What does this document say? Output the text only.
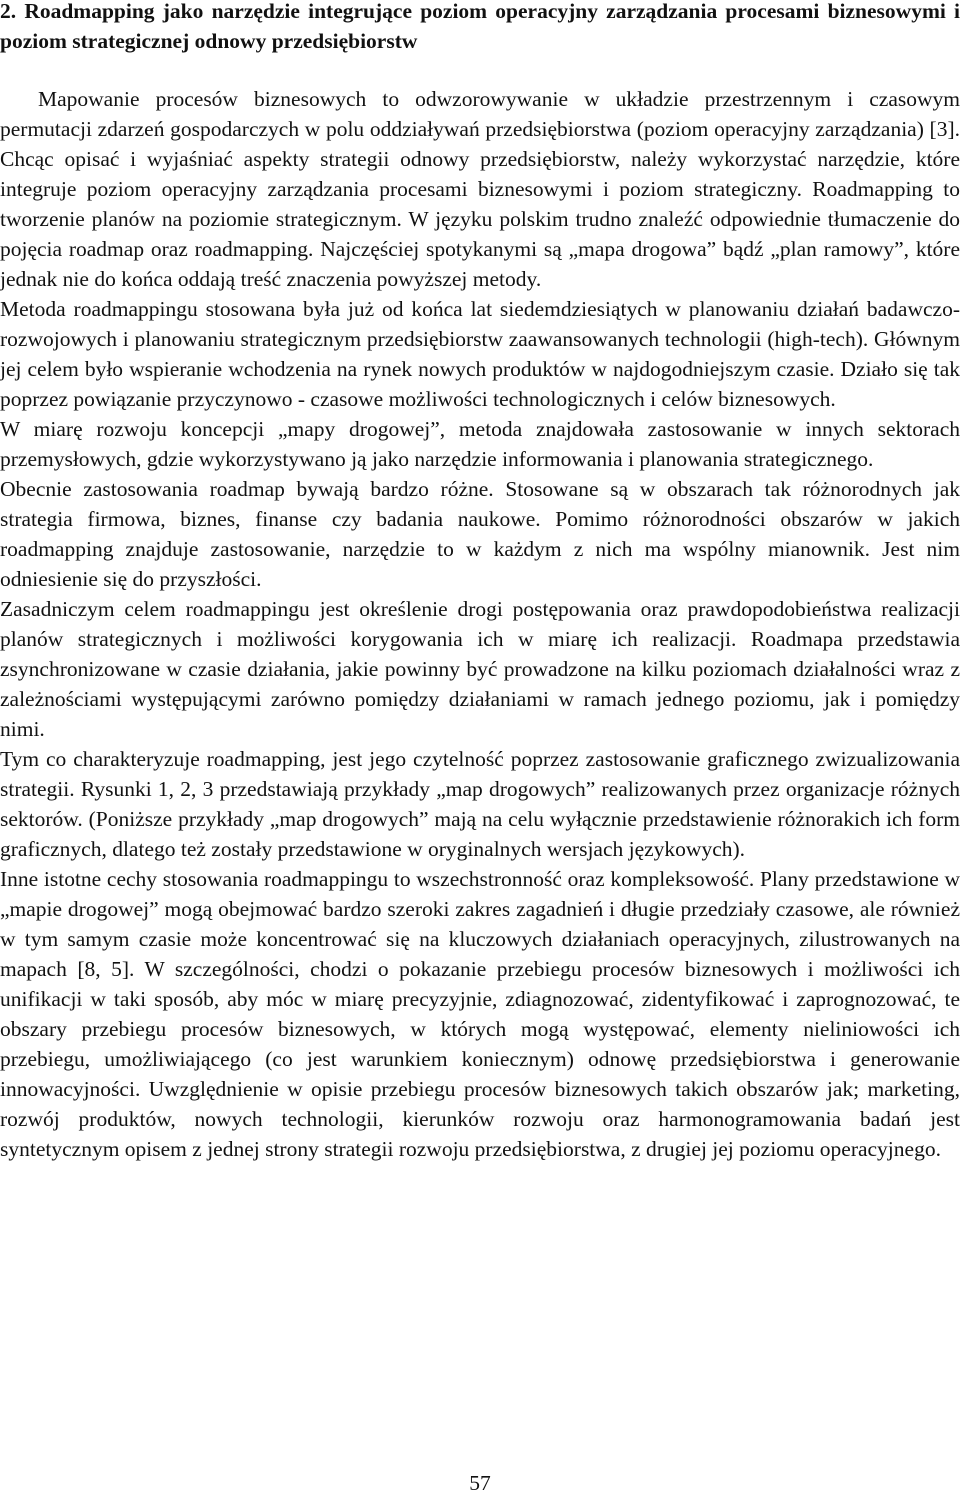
2. Roadmapping jako narzędzie integrujące poziom operacyjny zarządzania procesami biznesowymi i poziom strategicznej odnowy przedsiębiorstw

Mapowanie procesów biznesowych to odwzorowywanie w układzie przestrzennym i czasowym permutacji zdarzeń gospodarczych w polu oddziaływań przedsiębiorstwa (poziom operacyjny zarządzania) [3]. Chcąc opisać i wyjaśniać aspekty strategii odnowy przedsiębiorstw, należy wykorzystać narzędzie, które integruje poziom operacyjny zarządzania procesami biznesowymi i poziom strategiczny. Roadmapping to tworzenie planów na poziomie strategicznym. W języku polskim trudno znaleźć odpowiednie tłumaczenie do pojęcia roadmap oraz roadmapping. Najczęściej spotykanymi są „mapa drogowa” bądź „plan ramowy”, które jednak nie do końca oddają treść znaczenia powyższej metody.

Metoda roadmappingu stosowana była już od końca lat siedemdziesiątych w planowaniu działań badawczo-rozwojowych i planowaniu strategicznym przedsiębiorstw zaawansowanych technologii (high-tech). Głównym jej celem było wspieranie wchodzenia na rynek nowych produktów w najdogodniejszym czasie. Działo się tak poprzez powiązanie przyczynowo - czasowe możliwości technologicznych i celów biznesowych.

W miarę rozwoju koncepcji „mapy drogowej”, metoda znajdowała zastosowanie w innych sektorach przemysłowych, gdzie wykorzystywano ją jako narzędzie informowania i planowania strategicznego.

Obecnie zastosowania roadmap bywają bardzo różne. Stosowane są w obszarach tak różnorodnych jak strategia firmowa, biznes, finanse czy badania naukowe. Pomimo różnorodności obszarów w jakich roadmapping znajduje zastosowanie, narzędzie to w każdym z nich ma wspólny mianownik. Jest nim odniesienie się do przyszłości.

Zasadniczym celem roadmappingu jest określenie drogi postępowania oraz prawdopodobieństwa realizacji planów strategicznych i możliwości korygowania ich w miarę ich realizacji. Roadmapa przedstawia zsynchronizowane w czasie działania, jakie powinny być prowadzone na kilku poziomach działalności wraz z zależnościami występującymi zarówno pomiędzy działaniami w ramach jednego poziomu, jak i pomiędzy nimi.

Tym co charakteryzuje roadmapping, jest jego czytelność poprzez zastosowanie graficznego zwizualizowania strategii. Rysunki 1, 2, 3 przedstawiają przykłady „map drogowych” realizowanych przez organizacje różnych sektorów. (Poniższe przykłady „map drogowych” mają na celu wyłącznie przedstawienie różnorakich ich form graficznych, dlatego też zostały przedstawione w oryginalnych wersjach językowych).

Inne istotne cechy stosowania roadmappingu to wszechstronność oraz kompleksowość. Plany przedstawione w „mapie drogowej” mogą obejmować bardzo szeroki zakres zagadnień i długie przedziały czasowe, ale również w tym samym czasie może koncentrować się na kluczowych działaniach operacyjnych, zilustrowanych na mapach [8, 5]. W szczególności, chodzi o pokazanie przebiegu procesów biznesowych i możliwości ich unifikacji w taki sposób, aby móc w miarę precyzyjnie, zdiagnozować, zidentyfikować i zaprognozować, te obszary przebiegu procesów biznesowych, w których mogą występować, elementy nieliniowości ich przebiegu, umożliwiającego (co jest warunkiem koniecznym) odnowę przedsiębiorstwa i generowanie innowacyjności. Uwzględnienie w opisie przebiegu procesów biznesowych takich obszarów jak; marketing, rozwój produktów, nowych technologii, kierunków rozwoju oraz harmonogramowania badań jest syntetycznym opisem z jednej strony strategii rozwoju przedsiębiorstwa, z drugiej jej poziomu operacyjnego.

57
